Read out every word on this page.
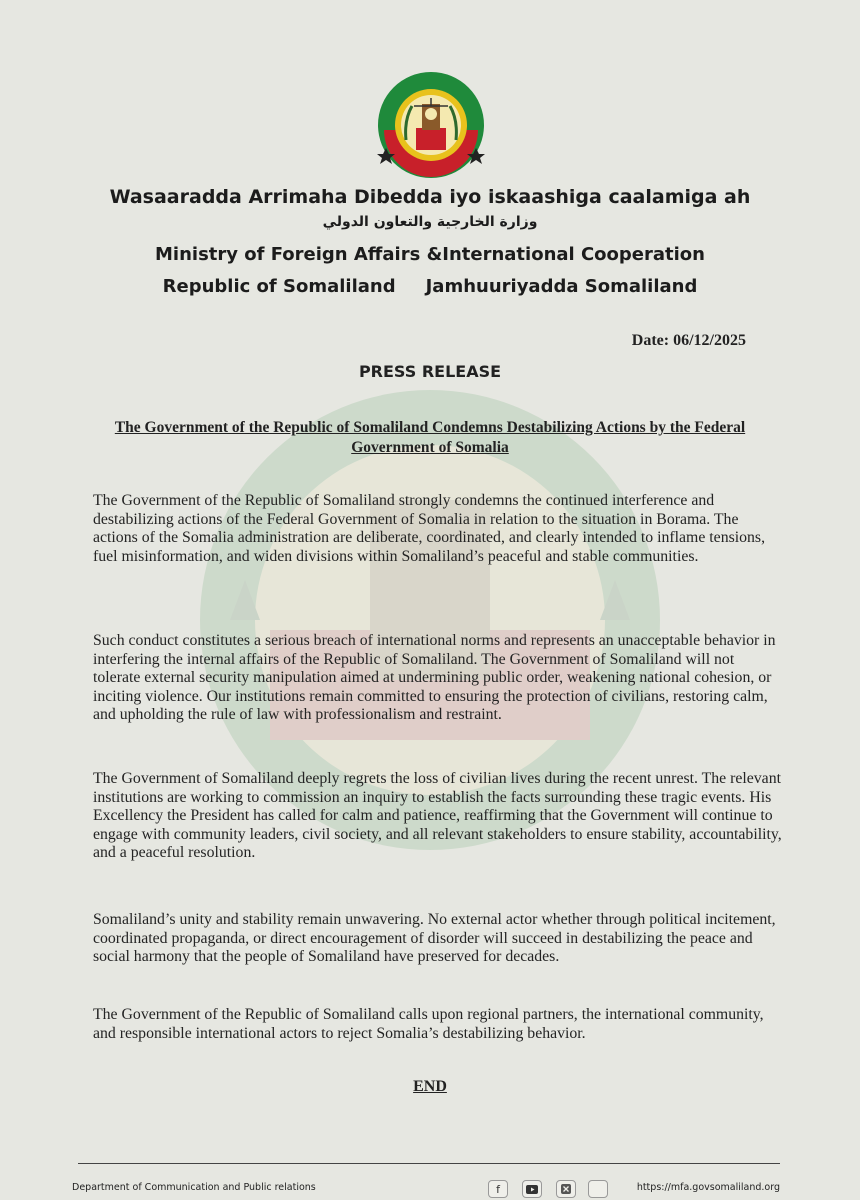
Wasaaradda Arrimaha Dibedda iyo iskaashiga caalamiga ah
وزارة الخارجية والتعاون الدولي
Ministry of Foreign Affairs &International Cooperation
Republic of Somaliland Jamhuuriyadda Somaliland
Date: 06/12/2025
PRESS RELEASE
The Government of the Republic of Somaliland Condemns Destabilizing Actions by the Federal
Government of Somalia

The Government of the Republic of Somaliland strongly condemns the continued interference and destabilizing actions of the Federal Government of Somalia in relation to the situation in Borama. The actions of the Somalia administration are deliberate, coordinated, and clearly intended to inflame tensions, fuel misinformation, and widen divisions within Somaliland’s peaceful and stable communities.

Such conduct constitutes a serious breach of international norms and represents an unacceptable behavior in interfering the internal affairs of the Republic of Somaliland. The Government of Somaliland will not tolerate external security manipulation aimed at undermining public order, weakening national cohesion, or inciting violence. Our institutions remain committed to ensuring the protection of civilians, restoring calm, and upholding the rule of law with professionalism and restraint.

The Government of Somaliland deeply regrets the loss of civilian lives during the recent unrest. The relevant institutions are working to commission an inquiry to establish the facts surrounding these tragic events. His Excellency the President has called for calm and patience, reaffirming that the Government will continue to engage with community leaders, civil society, and all relevant stakeholders to ensure stability, accountability, and a peaceful resolution.

Somaliland’s unity and stability remain unwavering. No external actor whether through political incitement, coordinated propaganda, or direct encouragement of disorder will succeed in destabilizing the peace and social harmony that the people of Somaliland have preserved for decades.

The Government of the Republic of Somaliland calls upon regional partners, the international community, and responsible international actors to reject Somalia’s destabilizing behavior.

END
Department of Communication and Public relations	f	https://mfa.govsomaliland.org
